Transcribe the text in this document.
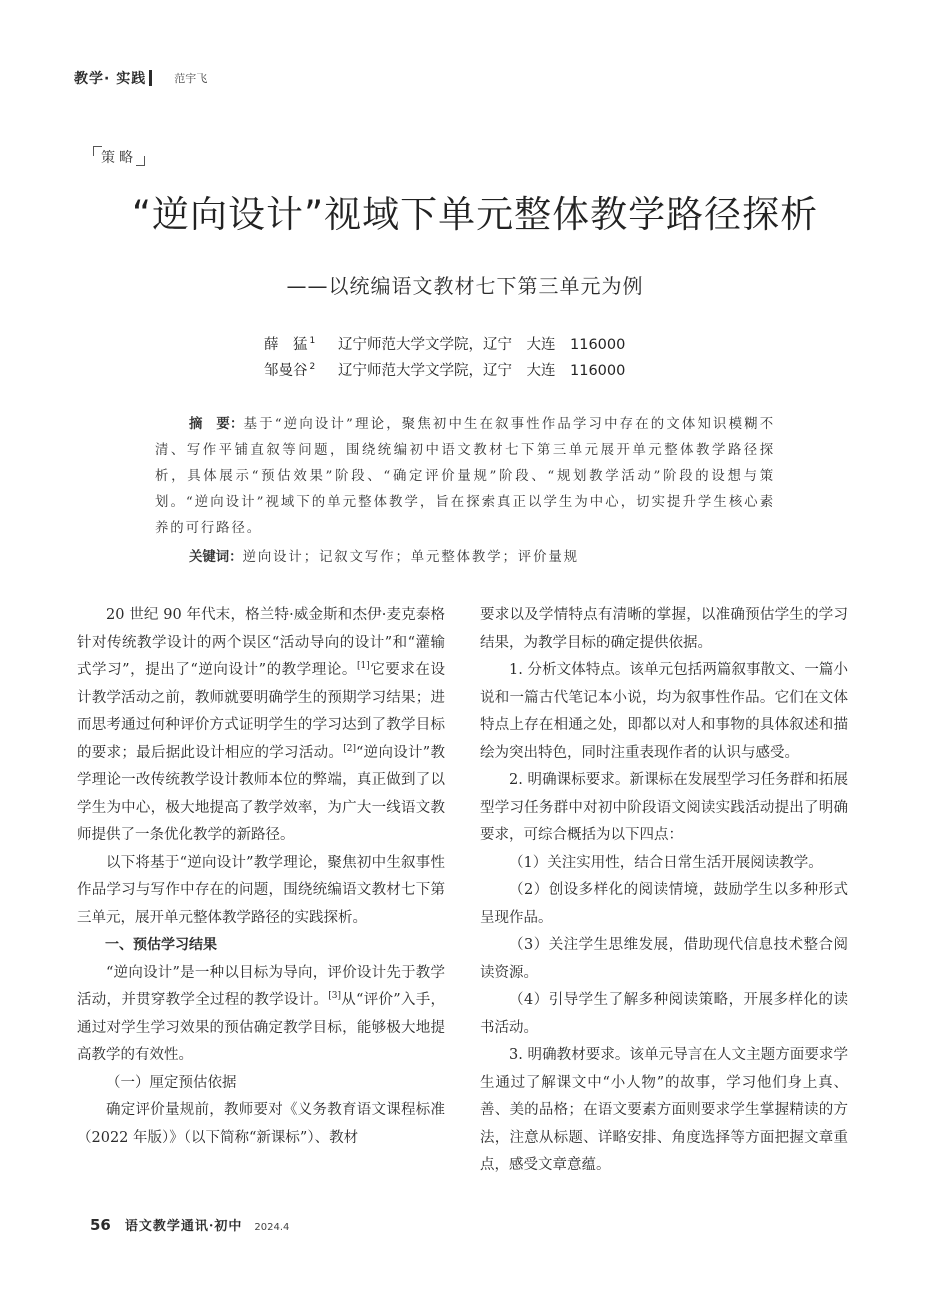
教学· 实践	范宇飞
策略
“逆向设计”视域下单元整体教学路径探析
——以统编语文教材七下第三单元为例
薛　猛 $^1$ 辽宁师范大学文学院，辽宁　大连　116000
邹曼谷 $^2$ 辽宁师范大学文学院，辽宁　大连　116000
摘　要：基于“逆向设计”理论，聚焦初中生在叙事性作品学习中存在的文体知识模糊不清、写作平铺直叙等问题，围绕统编初中语文教材七下第三单元展开单元整体教学路径探析，具体展示“预估效果”阶段、“确定评价量规”阶段、“规划教学活动”阶段的设想与策划。“逆向设计”视域下的单元整体教学，旨在探索真正以学生为中心，切实提升学生核心素养的可行路径。
关键词：逆向设计；记叙文写作；单元整体教学；评价量规

20 世纪 90 年代末，格兰特·威金斯和杰伊·麦克泰格针对传统教学设计的两个误区“活动导向的设计”和“灌输式学习”，提出了“逆向设计”的教学理论。[1]它要求在设计教学活动之前，教师就要明确学生的预期学习结果；进而思考通过何种评价方式证明学生的学习达到了教学目标的要求；最后据此设计相应的学习活动。[2]“逆向设计”教学理论一改传统教学设计教师本位的弊端，真正做到了以学生为中心，极大地提高了教学效率，为广大一线语文教师提供了一条优化教学的新路径。

以下将基于“逆向设计”教学理论，聚焦初中生叙事性作品学习与写作中存在的问题，围绕统编语文教材七下第三单元，展开单元整体教学路径的实践探析。

一、预估学习结果

“逆向设计”是一种以目标为导向，评价设计先于教学活动，并贯穿教学全过程的教学设计。[3]从“评价”入手，通过对学生学习效果的预估确定教学目标，能够极大地提高教学的有效性。

（一）厘定预估依据

确定评价量规前，教师要对《义务教育语文课程标准（2022 年版）》（以下简称“新课标”）、教材

要求以及学情特点有清晰的掌握，以准确预估学生的学习结果，为教学目标的确定提供依据。

1. 分析文体特点。该单元包括两篇叙事散文、一篇小说和一篇古代笔记本小说，均为叙事性作品。它们在文体特点上存在相通之处，即都以对人和事物的具体叙述和描绘为突出特色，同时注重表现作者的认识与感受。

2. 明确课标要求。新课标在发展型学习任务群和拓展型学习任务群中对初中阶段语文阅读实践活动提出了明确要求，可综合概括为以下四点：

（1）关注实用性，结合日常生活开展阅读教学。

（2）创设多样化的阅读情境，鼓励学生以多种形式呈现作品。

（3）关注学生思维发展，借助现代信息技术整合阅读资源。

（4）引导学生了解多种阅读策略，开展多样化的读书活动。

3. 明确教材要求。该单元导言在人文主题方面要求学生通过了解课文中“小人物”的故事，学习他们身上真、善、美的品格；在语文要素方面则要求学生掌握精读的方法，注意从标题、详略安排、角度选择等方面把握文章重点，感受文章意蕴。

56 语文教学通讯·初中 2024.4
